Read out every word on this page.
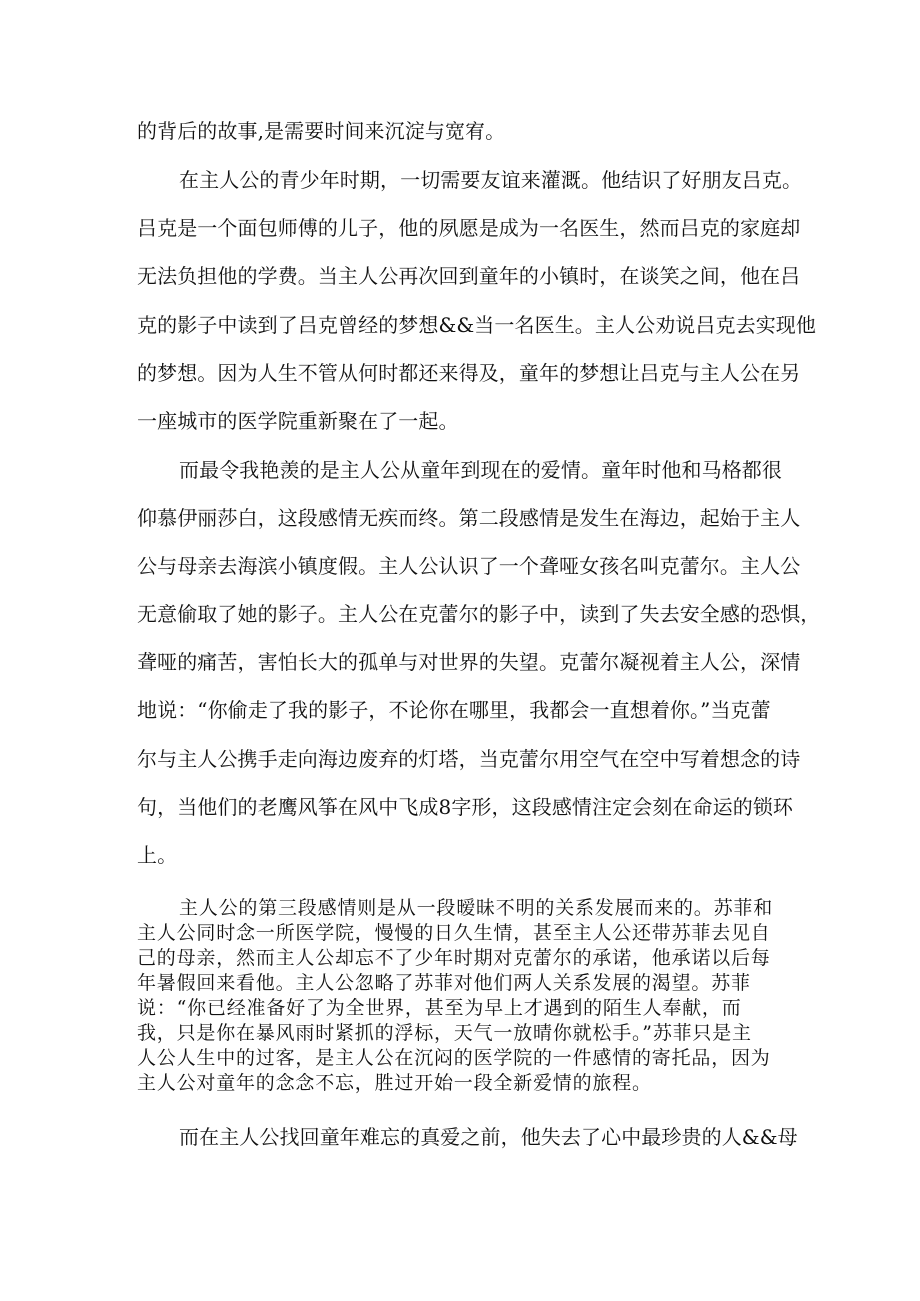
的背后的故事,是需要时间来沉淀与宽宥。
在主人公的青少年时期，一切需要友谊来灌溉。他结识了好朋友吕克。
吕克是一个面包师傅的儿子，他的夙愿是成为一名医生，然而吕克的家庭却
无法负担他的学费。当主人公再次回到童年的小镇时，在谈笑之间，他在吕
克的影子中读到了吕克曾经的梦想&&当一名医生。主人公劝说吕克去实现他
的梦想。因为人生不管从何时都还来得及，童年的梦想让吕克与主人公在另
一座城市的医学院重新聚在了一起。
而最令我艳羡的是主人公从童年到现在的爱情。童年时他和马格都很
仰慕伊丽莎白，这段感情无疾而终。第二段感情是发生在海边，起始于主人
公与母亲去海滨小镇度假。主人公认识了一个聋哑女孩名叫克蕾尔。主人公
无意偷取了她的影子。主人公在克蕾尔的影子中，读到了失去安全感的恐惧，
聋哑的痛苦，害怕长大的孤单与对世界的失望。克蕾尔凝视着主人公，深情
地说：“你偷走了我的影子，不论你在哪里，我都会一直想着你。”当克蕾
尔与主人公携手走向海边废弃的灯塔，当克蕾尔用空气在空中写着想念的诗
句，当他们的老鹰风筝在风中飞成8字形，这段感情注定会刻在命运的锁环
上。
主人公的第三段感情则是从一段暧昧不明的关系发展而来的。苏菲和
主人公同时念一所医学院，慢慢的日久生情，甚至主人公还带苏菲去见自
己的母亲，然而主人公却忘不了少年时期对克蕾尔的承诺，他承诺以后每
年暑假回来看他。主人公忽略了苏菲对他们两人关系发展的渴望。苏菲
说：“你已经准备好了为全世界，甚至为早上才遇到的陌生人奉献，而
我，只是你在暴风雨时紧抓的浮标，天气一放晴你就松手。”苏菲只是主
人公人生中的过客，是主人公在沉闷的医学院的一件感情的寄托品，因为
主人公对童年的念念不忘，胜过开始一段全新爱情的旅程。
而在主人公找回童年难忘的真爱之前，他失去了心中最珍贵的人&&母
